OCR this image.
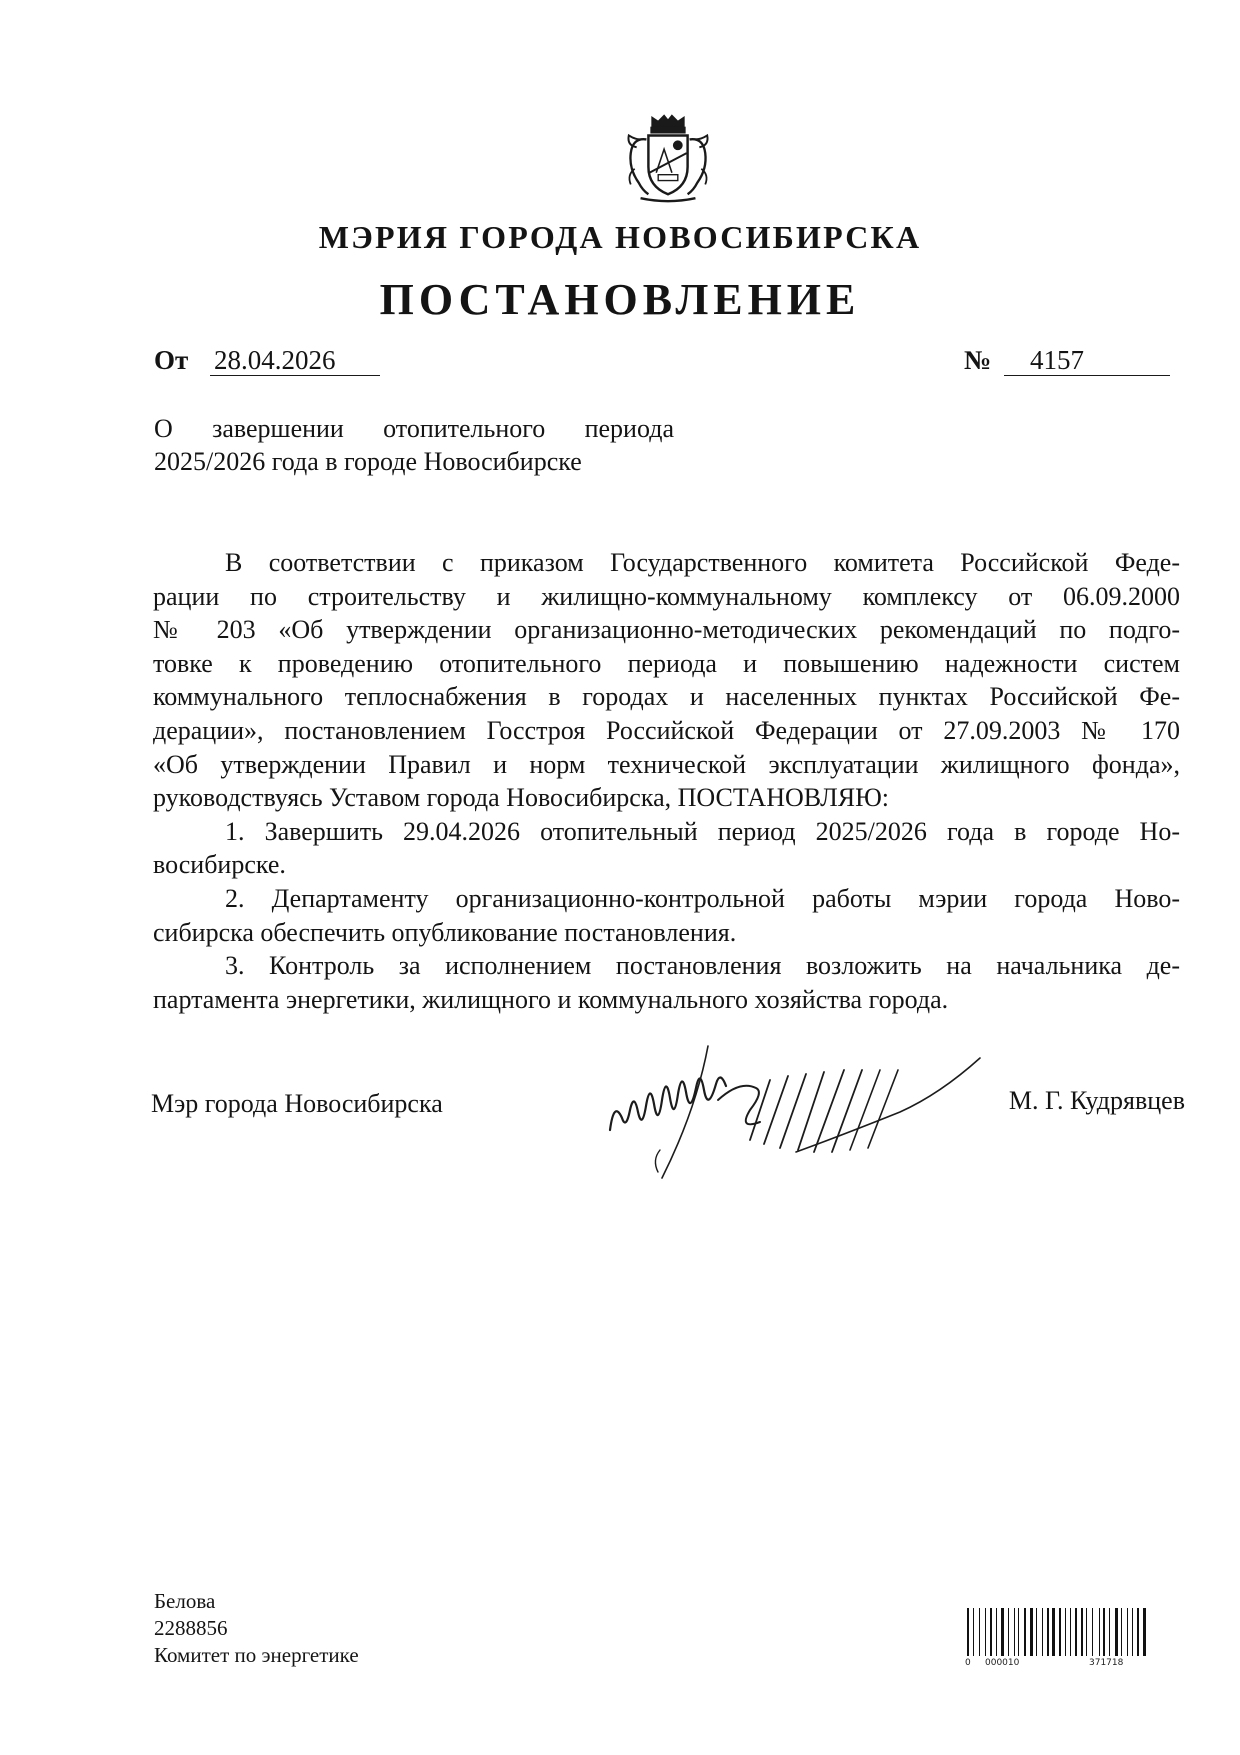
МЭРИЯ ГОРОДА НОВОСИБИРСКА
ПОСТАНОВЛЕНИЕ
От 28.04.2026	№	4157
О завершении отопительного периода
2025/2026 года в городе Новосибирске
В соответствии с приказом Государственного комитета Российской Феде-
рации по строительству и жилищно-коммунальному комплексу от 06.09.2000
№ 203 «Об утверждении организационно-методических рекомендаций по подго-
товке к проведению отопительного периода и повышению надежности систем
коммунального теплоснабжения в городах и населенных пунктах Российской Фе-
дерации», постановлением Госстроя Российской Федерации от 27.09.2003 № 170
«Об утверждении Правил и норм технической эксплуатации жилищного фонда»,
руководствуясь Уставом города Новосибирска, ПОСТАНОВЛЯЮ:
1. Завершить 29.04.2026 отопительный период 2025/2026 года в городе Но-
восибирске.
2. Департаменту организационно-контрольной работы мэрии города Ново-
сибирска обеспечить опубликование постановления.
3. Контроль за исполнением постановления возложить на начальника де-
партамента энергетики, жилищного и коммунального хозяйства города.
Мэр города Новосибирска	М. Г. Кудрявцев
Белова
2288856
Комитет по энергетике	0 000010	371718
